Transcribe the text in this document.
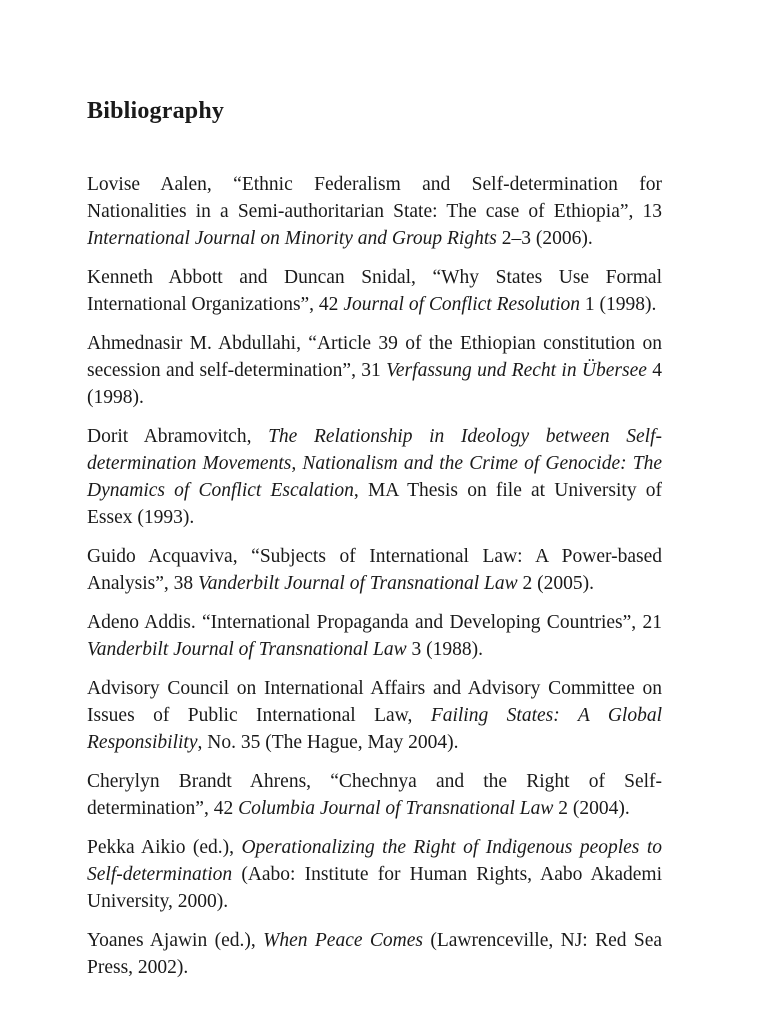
Bibliography

Lovise Aalen, “Ethnic Federalism and Self-determination for Nationalities in a Semi-authoritarian State: The case of Ethiopia”, 13 International Journal on Minority and Group Rights 2–3 (2006).

Kenneth Abbott and Duncan Snidal, “Why States Use Formal International Organizations”, 42 Journal of Conflict Resolution 1 (1998).

Ahmednasir M. Abdullahi, “Article 39 of the Ethiopian constitution on secession and self-determination”, 31 Verfassung und Recht in Übersee 4 (1998).

Dorit Abramovitch, The Relationship in Ideology between Self-determination Movements, Nationalism and the Crime of Genocide: The Dynamics of Conflict Escalation, MA Thesis on file at University of Essex (1993).

Guido Acquaviva, “Subjects of International Law: A Power-based Analysis”, 38 Vanderbilt Journal of Transnational Law 2 (2005).

Adeno Addis. “International Propaganda and Developing Countries”, 21 Vanderbilt Journal of Transnational Law 3 (1988).

Advisory Council on International Affairs and Advisory Committee on Issues of Public International Law, Failing States: A Global Responsibility, No. 35 (The Hague, May 2004).

Cherylyn Brandt Ahrens, “Chechnya and the Right of Self-determination”, 42 Columbia Journal of Transnational Law 2 (2004).

Pekka Aikio (ed.), Operationalizing the Right of Indigenous peoples to Self-determination (Aabo: Institute for Human Rights, Aabo Akademi University, 2000).

Yoanes Ajawin (ed.), When Peace Comes (Lawrenceville, NJ: Red Sea Press, 2002).
